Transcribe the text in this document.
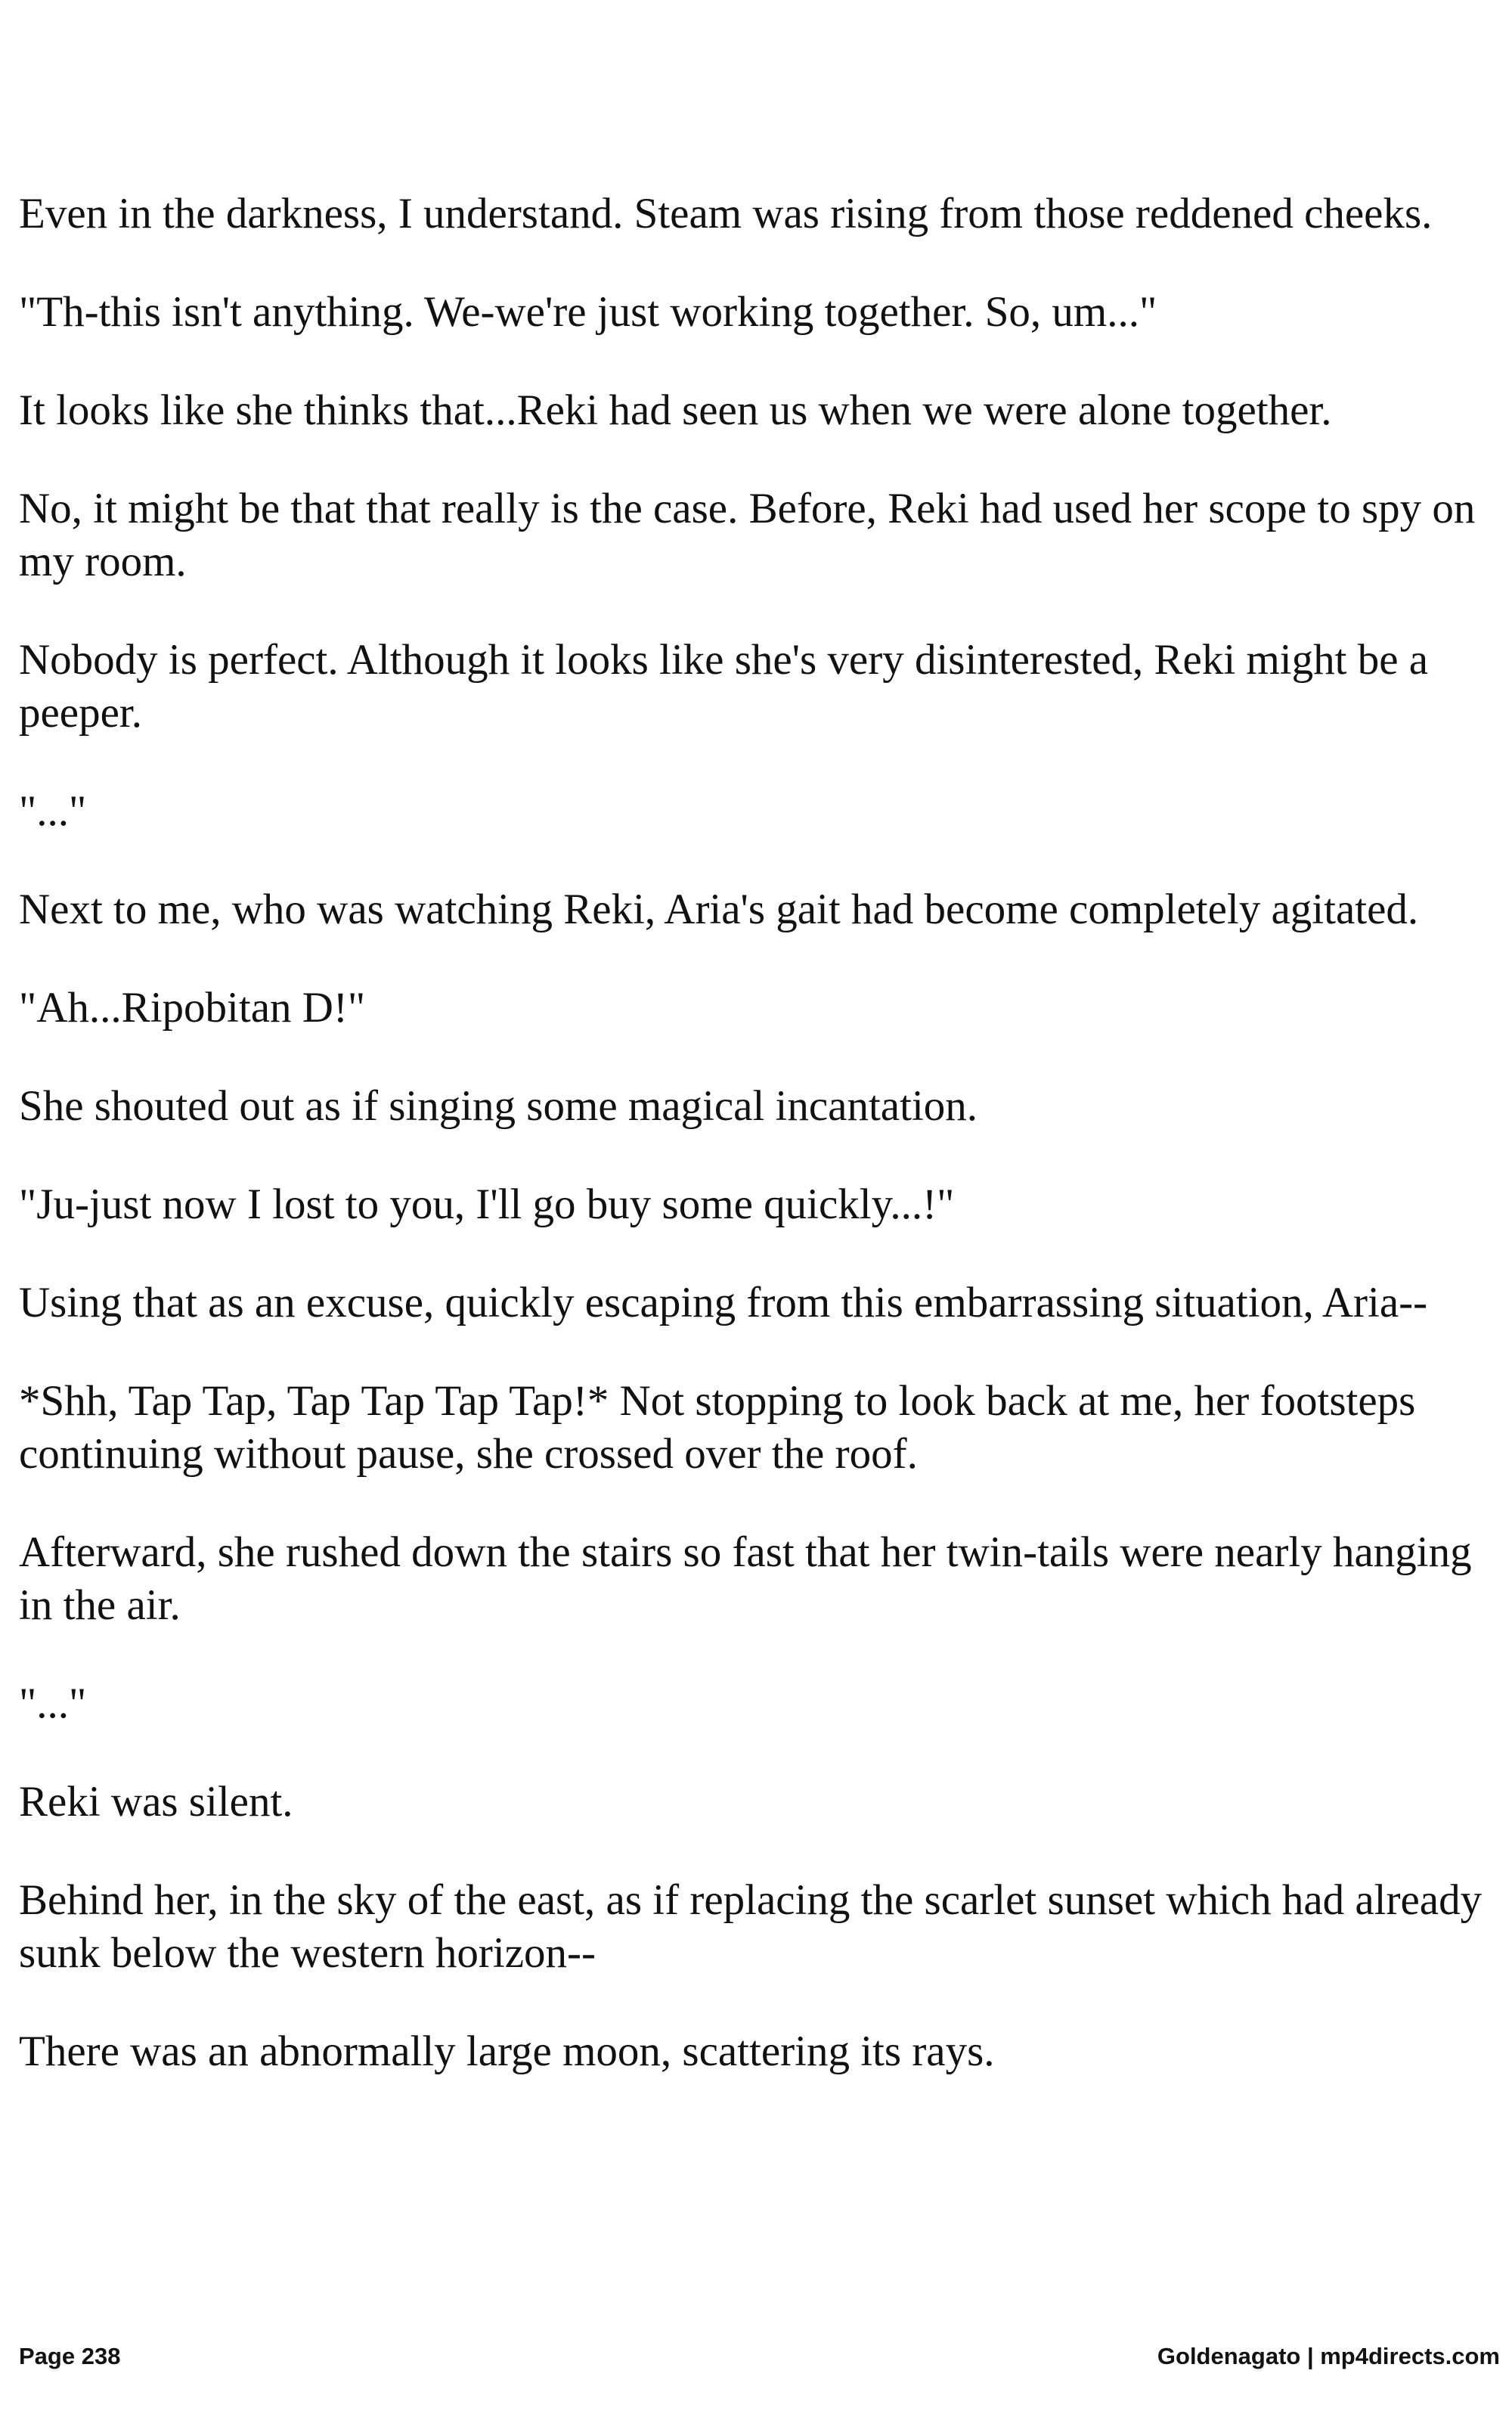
Even in the darkness, I understand. Steam was rising from those reddened cheeks.

"Th-this isn't anything. We-we're just working together. So, um..."

It looks like she thinks that...Reki had seen us when we were alone together.

No, it might be that that really is the case. Before, Reki had used her scope to spy on my room.

Nobody is perfect. Although it looks like she's very disinterested, Reki might be a peeper.

"..."

Next to me, who was watching Reki, Aria's gait had become completely agitated.

"Ah...Ripobitan D!"

She shouted out as if singing some magical incantation.

"Ju-just now I lost to you, I'll go buy some quickly...!"

Using that as an excuse, quickly escaping from this embarrassing situation, Aria--

*Shh, Tap Tap, Tap Tap Tap Tap!* Not stopping to look back at me, her footsteps continuing without pause, she crossed over the roof.

Afterward, she rushed down the stairs so fast that her twin-tails were nearly hanging in the air.

"..."

Reki was silent.

Behind her, in the sky of the east, as if replacing the scarlet sunset which had already sunk below the western horizon--

There was an abnormally large moon, scattering its rays.

Page 238	Goldenagato | mp4directs.com
